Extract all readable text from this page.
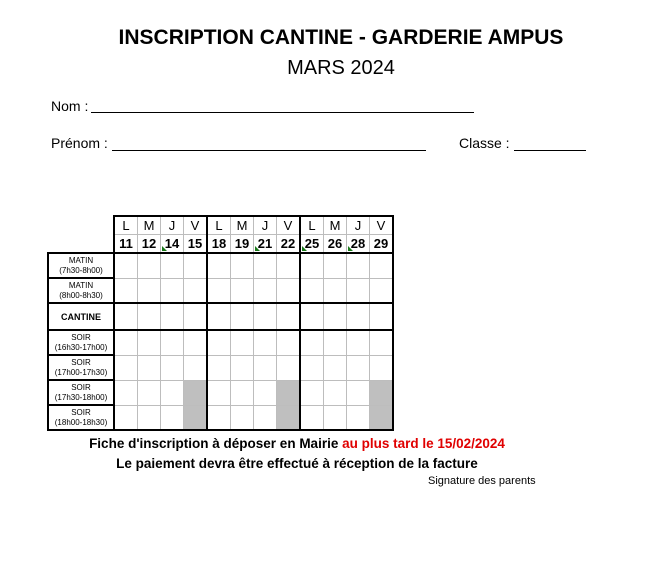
INSCRIPTION CANTINE - GARDERIE AMPUS
MARS 2024
Nom :
Prénom :	Classe :
	L	M	J	V	L	M	J	V	L	M	J	V
	11	12	14	15	18	19	21	22	25	26	28	29

MATIN
(7h30-8h00)												

MATIN
(8h00-8h30)												

CANTINE												

SOIR
(16h30-17h00)												

SOIR
(17h00-17h30)												

SOIR
(17h30-18h00)												

SOIR
(18h00-18h30)												

Fiche d'inscription à déposer en Mairie au plus tard le 15/02/2024
Le paiement devra être effectué à réception de la facture
Signature des parents
